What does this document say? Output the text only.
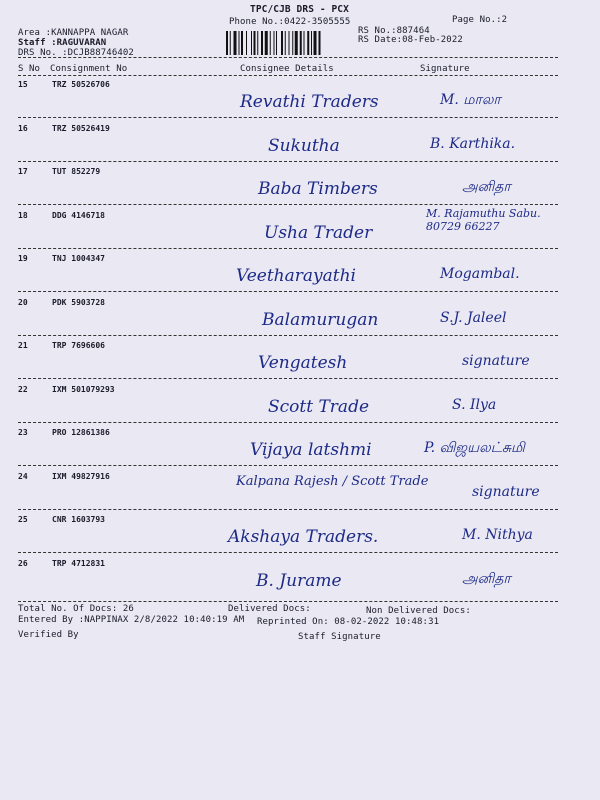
TPC/CJB DRS - PCX
Phone No.:0422-3505555	Page No.:2
RS No.:887464
RS Date:08-Feb-2022
Area :KANNAPPA NAGAR
Staff :RAGUVARAN
DRS No. :DCJB88746402
S No Consignment No	Consignee Details	Signature
15	TRZ 50526706
Revathi Traders	M. மாலா
16	TRZ 50526419
Sukutha	B. Karthika.
17	TUT 852279
Baba Timbers	அனிதா
18	DDG 4146718
Usha Trader
M. Rajamuthu Sabu. 80729 66227
19	TNJ 1004347
Veetharayathi	Mogambal.
20	PDK 5903728
Balamurugan	S.J. Jaleel
21	TRP 7696606
Vengatesh	signature
22	IXM 501079293
Scott Trade	S. Ilya
23	PRO 12861386
Vijaya latshmi	P. விஜயலட்சுமி
24	IXM 49827916	Kalpana Rajesh / Scott Trade
signature
25	CNR 1603793
Akshaya Traders.	M. Nithya
26	TRP 4712831
B. Jurame	அனிதா
Total No. Of Docs: 26	Delivered Docs:	Non Delivered Docs:
Entered By :NAPPINAX 2/8/2022 10:40:19 AM Reprinted On: 08-02-2022 10:48:31
Verified By	Staff Signature
